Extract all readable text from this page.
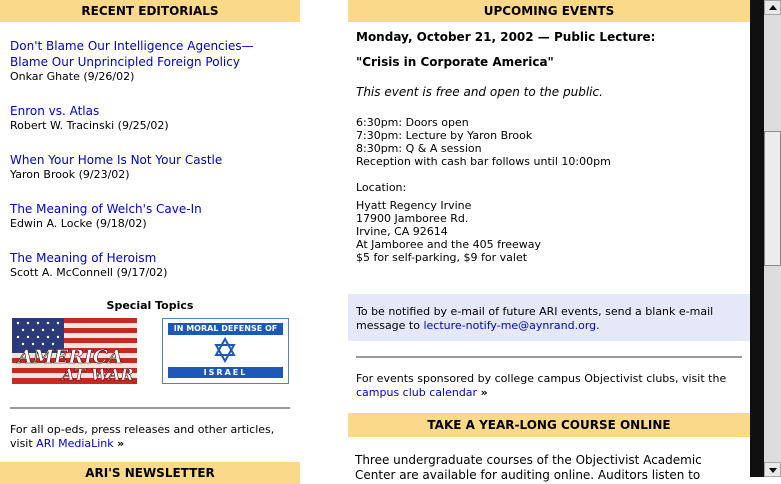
RECENT EDITORIALS
Don't Blame Our Intelligence Agencies—Blame Our Unprincipled Foreign Policy
Onkar Ghate (9/26/02)
Enron vs. Atlas
Robert W. Tracinski (9/25/02)
When Your Home Is Not Your Castle
Yaron Brook (9/23/02)
The Meaning of Welch's Cave-In
Edwin A. Locke (9/18/02)
The Meaning of Heroism
Scott A. McConnell (9/17/02)
Special Topics
AMERICA
AT WAR
IN MORAL DEFENSE OF
ISRAEL
For all op-eds, press releases and other articles, visit ARI MediaLink »
ARI'S NEWSLETTER
UPCOMING EVENTS
Monday, October 21, 2002 — Public Lecture:
"Crisis in Corporate America"
This event is free and open to the public.
6:30pm: Doors open
7:30pm: Lecture by Yaron Brook
8:30pm: Q & A session
Reception with cash bar follows until 10:00pm
Location:
Hyatt Regency Irvine
17900 Jamboree Rd.
Irvine, CA 92614
At Jamboree and the 405 freeway
$5 for self-parking, $9 for valet
To be notified by e-mail of future ARI events, send a blank e-mail message to lecture-notify-me@aynrand.org.
For events sponsored by college campus Objectivist clubs, visit the campus club calendar »
TAKE A YEAR-LONG COURSE ONLINE
Three undergraduate courses of the Objectivist Academic Center are available for auditing online. Auditors listen to
